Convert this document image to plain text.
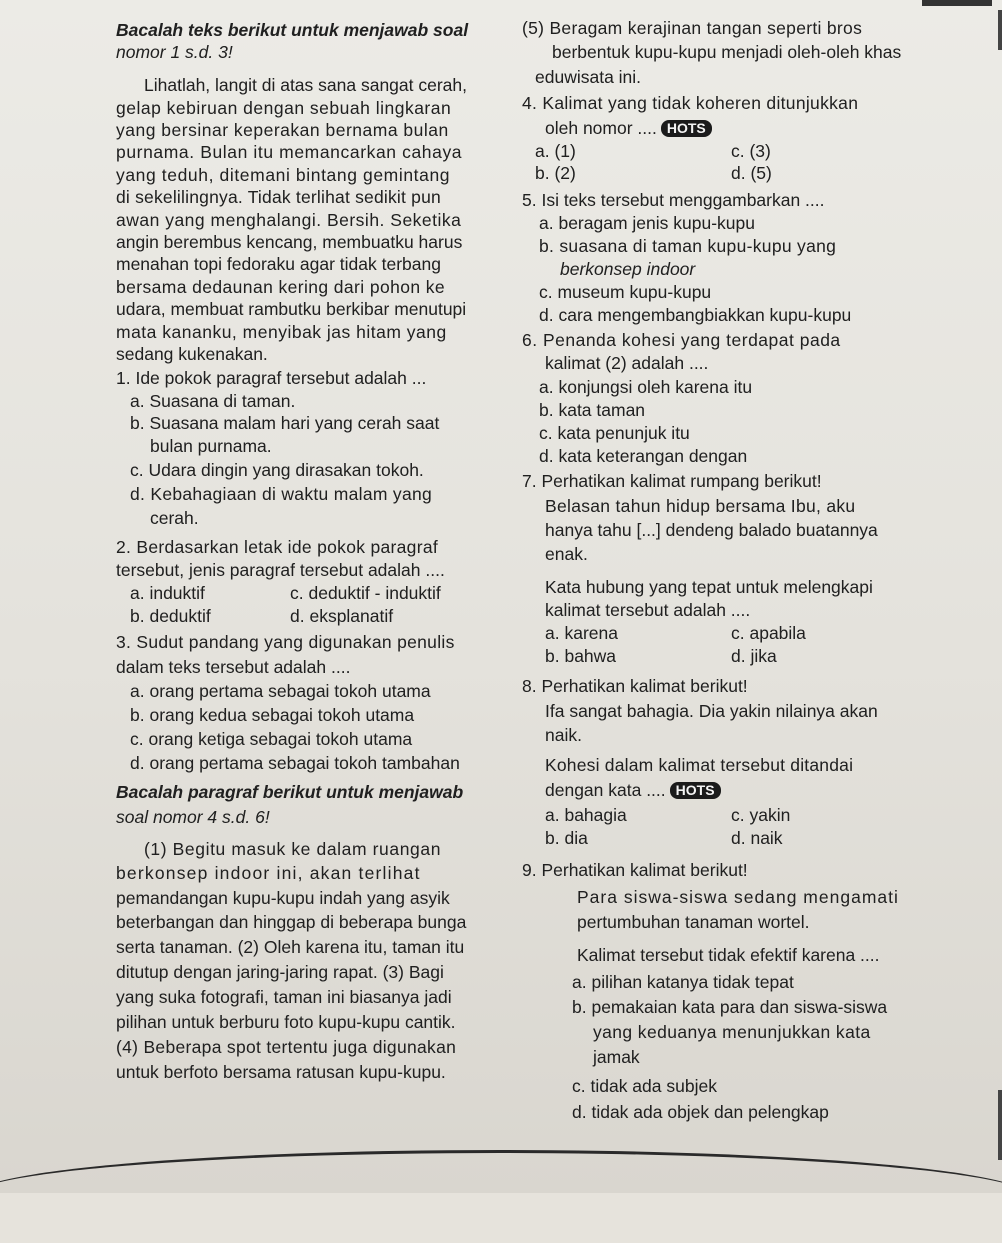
Bacalah teks berikut untuk menjawab soal
nomor 1 s.d. 3!
Lihatlah, langit di atas sana sangat cerah,
gelap kebiruan dengan sebuah lingkaran
yang bersinar keperakan bernama bulan
purnama. Bulan itu memancarkan cahaya
yang teduh, ditemani bintang gemintang
di sekelilingnya. Tidak terlihat sedikit pun
awan yang menghalangi. Bersih. Seketika
angin berembus kencang, membuatku harus
menahan topi fedoraku agar tidak terbang
bersama dedaunan kering dari pohon ke
udara, membuat rambutku berkibar menutupi
mata kananku, menyibak jas hitam yang
sedang kukenakan.
1. Ide pokok paragraf tersebut adalah ...
a. Suasana di taman.
b. Suasana malam hari yang cerah saat
bulan purnama.
c. Udara dingin yang dirasakan tokoh.
d. Kebahagiaan di waktu malam yang
cerah.
2. Berdasarkan letak ide pokok paragraf
tersebut, jenis paragraf tersebut adalah ....
a. induktif	c. deduktif - induktif
b. deduktif	d. eksplanatif
3. Sudut pandang yang digunakan penulis
dalam teks tersebut adalah ....
a. orang pertama sebagai tokoh utama
b. orang kedua sebagai tokoh utama
c. orang ketiga sebagai tokoh utama
d. orang pertama sebagai tokoh tambahan
Bacalah paragraf berikut untuk menjawab
soal nomor 4 s.d. 6!
(1) Begitu masuk ke dalam ruangan
berkonsep indoor ini, akan terlihat
pemandangan kupu-kupu indah yang asyik
beterbangan dan hinggap di beberapa bunga
serta tanaman. (2) Oleh karena itu, taman itu
ditutup dengan jaring-jaring rapat. (3) Bagi
yang suka fotografi, taman ini biasanya jadi
pilihan untuk berburu foto kupu-kupu cantik.
(4) Beberapa spot tertentu juga digunakan
untuk berfoto bersama ratusan kupu-kupu.
(5) Beragam kerajinan tangan seperti bros
berbentuk kupu-kupu menjadi oleh-oleh khas
eduwisata ini.
4. Kalimat yang tidak koheren ditunjukkan
oleh nomor .... HOTS
a. (1)	c. (3)
b. (2)	d. (5)
5. Isi teks tersebut menggambarkan ....
a. beragam jenis kupu-kupu
b. suasana di taman kupu-kupu yang
berkonsep indoor
c. museum kupu-kupu
d. cara mengembangbiakkan kupu-kupu
6. Penanda kohesi yang terdapat pada
kalimat (2) adalah ....
a. konjungsi oleh karena itu
b. kata taman
c. kata penunjuk itu
d. kata keterangan dengan
7. Perhatikan kalimat rumpang berikut!
Belasan tahun hidup bersama Ibu, aku
hanya tahu [...] dendeng balado buatannya
enak.
Kata hubung yang tepat untuk melengkapi
kalimat tersebut adalah ....
a. karena	c. apabila
b. bahwa	d. jika
8. Perhatikan kalimat berikut!
Ifa sangat bahagia. Dia yakin nilainya akan
naik.
Kohesi dalam kalimat tersebut ditandai
dengan kata .... HOTS
a. bahagia	c. yakin
b. dia	d. naik
9. Perhatikan kalimat berikut!
Para siswa-siswa sedang mengamati
pertumbuhan tanaman wortel.
Kalimat tersebut tidak efektif karena ....
a. pilihan katanya tidak tepat
b. pemakaian kata para dan siswa-siswa
yang keduanya menunjukkan kata
jamak
c. tidak ada subjek
d. tidak ada objek dan pelengkap
